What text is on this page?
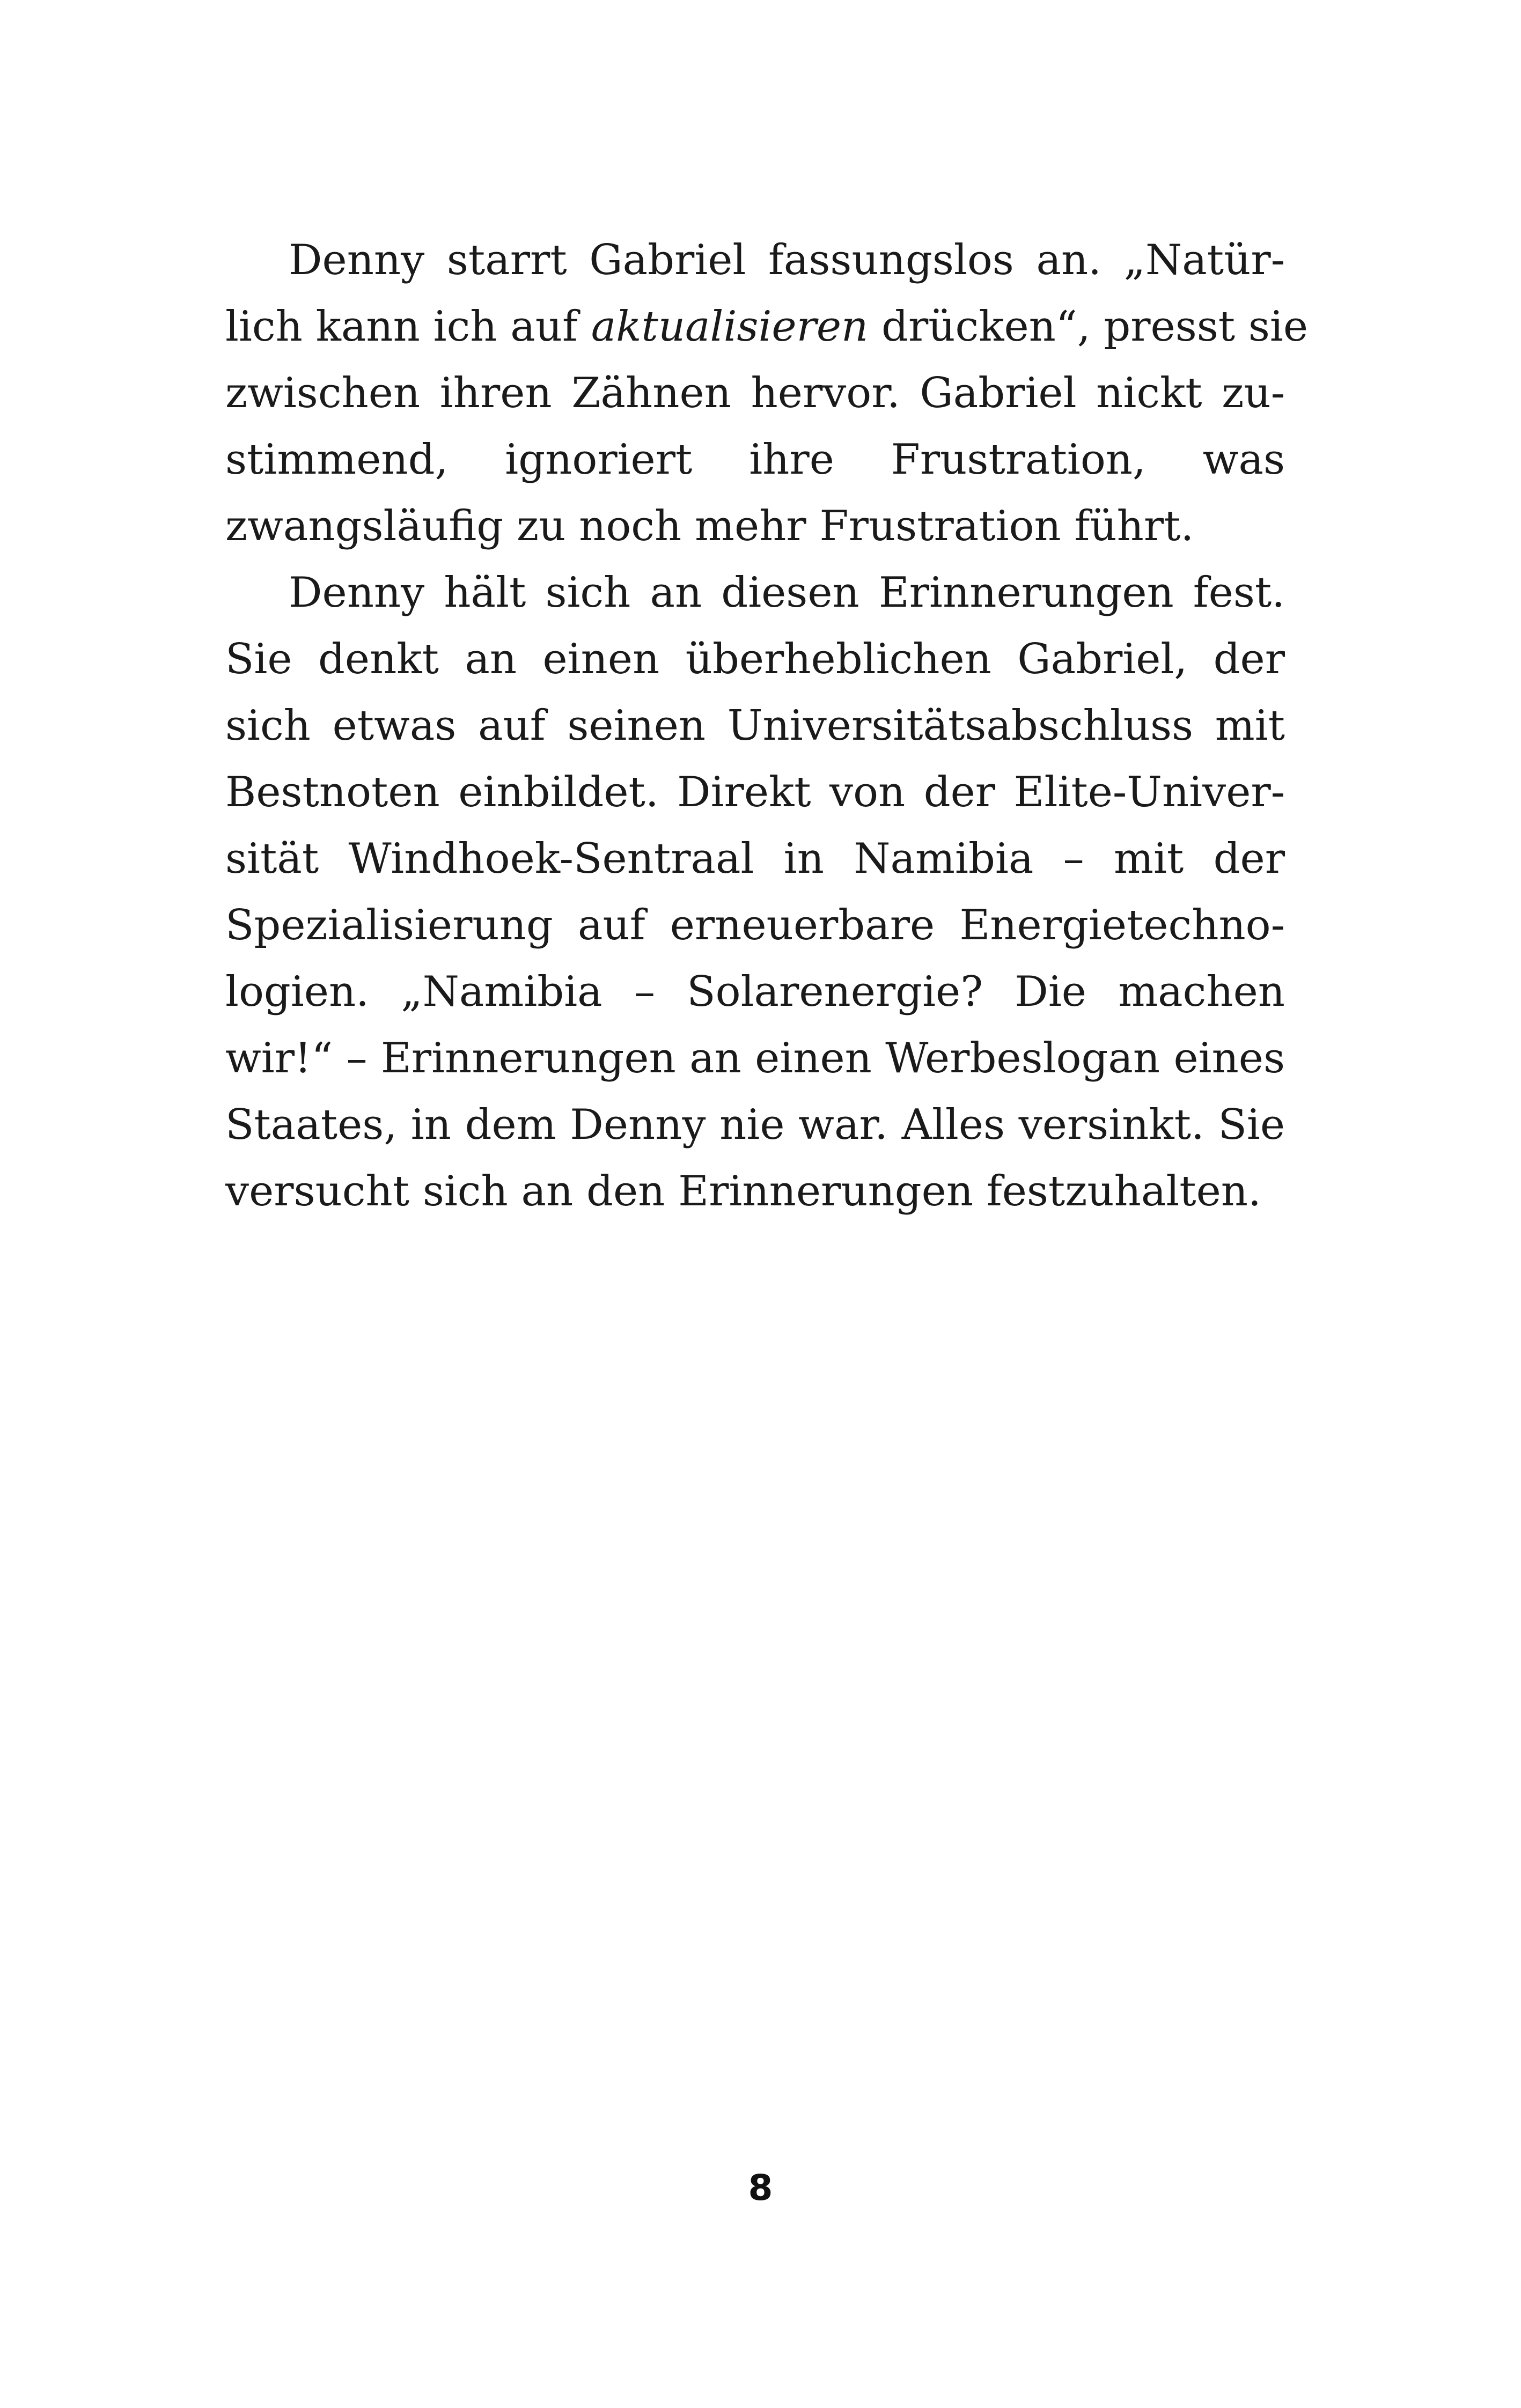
Denny starrt Gabriel fassungslos an. „Natür-
lich kann ich auf aktualisieren drücken“, presst sie
zwischen ihren Zähnen hervor. Gabriel nickt zu-
stimmend, ignoriert ihre Frustration, was
zwangsläufig zu noch mehr Frustration führt.
Denny hält sich an diesen Erinnerungen fest.
Sie denkt an einen überheblichen Gabriel, der
sich etwas auf seinen Universitätsabschluss mit
Bestnoten einbildet. Direkt von der Elite-Univer-
sität Windhoek-Sentraal in Namibia – mit der
Spezialisierung auf erneuerbare Energietechno-
logien. „Namibia – Solarenergie? Die machen
wir!“ – Erinnerungen an einen Werbeslogan eines
Staates, in dem Denny nie war. Alles versinkt. Sie
versucht sich an den Erinnerungen festzuhalten.
8
